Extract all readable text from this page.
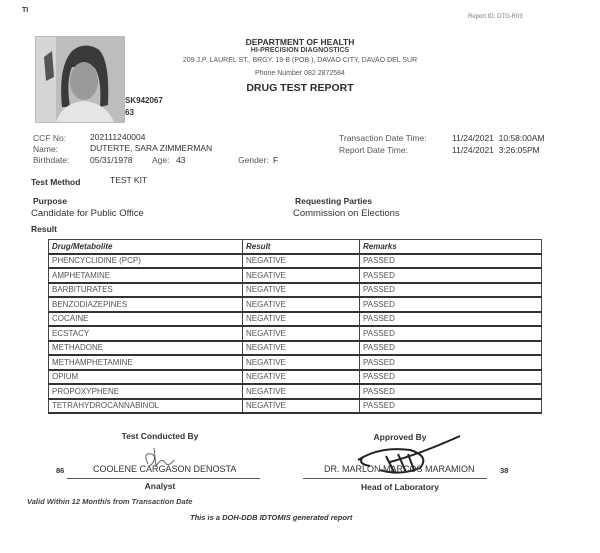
TI
Report ID: DTG-R03
SK942067
63
DEPARTMENT OF HEALTH
HI-PRECISION DIAGNOSTICS
209 J.P. LAUREL ST., BRGY. 19-B (POB.), DAVAO CITY, DAVAO DEL SUR
Phone Number 082 2872584
DRUG TEST REPORT
CCF No:	202111240004
Name:	DUTERTE, SARA ZIMMERMAN
Birthdate: 05/31/1978 Age: 43	Gender: F
Transaction Date Time:	11/24/2021  10:58:00AM
Report Date Time:	11/24/2021  3:26:05PM
Test Method	TEST KIT
Purpose
Candidate for Public Office
Requesting Parties
Commission on Elections
Result
Drug/Metabolite	Result	Remarks
PHENCYCLIDINE (PCP)	NEGATIVE	PASSED
AMPHETAMINE	NEGATIVE	PASSED
BARBITURATES	NEGATIVE	PASSED
BENZODIAZEPINES	NEGATIVE	PASSED
COCAINE	NEGATIVE	PASSED
ECSTACY	NEGATIVE	PASSED
METHADONE	NEGATIVE	PASSED
METHAMPHETAMINE	NEGATIVE	PASSED
OPIUM	NEGATIVE	PASSED
PROPOXYPHENE	NEGATIVE	PASSED
TETRAHYDROCANNABINOL	NEGATIVE	PASSED
Test Conducted By
86	COOLENE CARGASON DENOSTA
Analyst
Approved By
DR. MARLON MARCOS MARAMION	38
Head of Laboratory
Valid Within 12 Month/s from Transaction Date
This is a DOH-DDB IDTOMIS generated report
